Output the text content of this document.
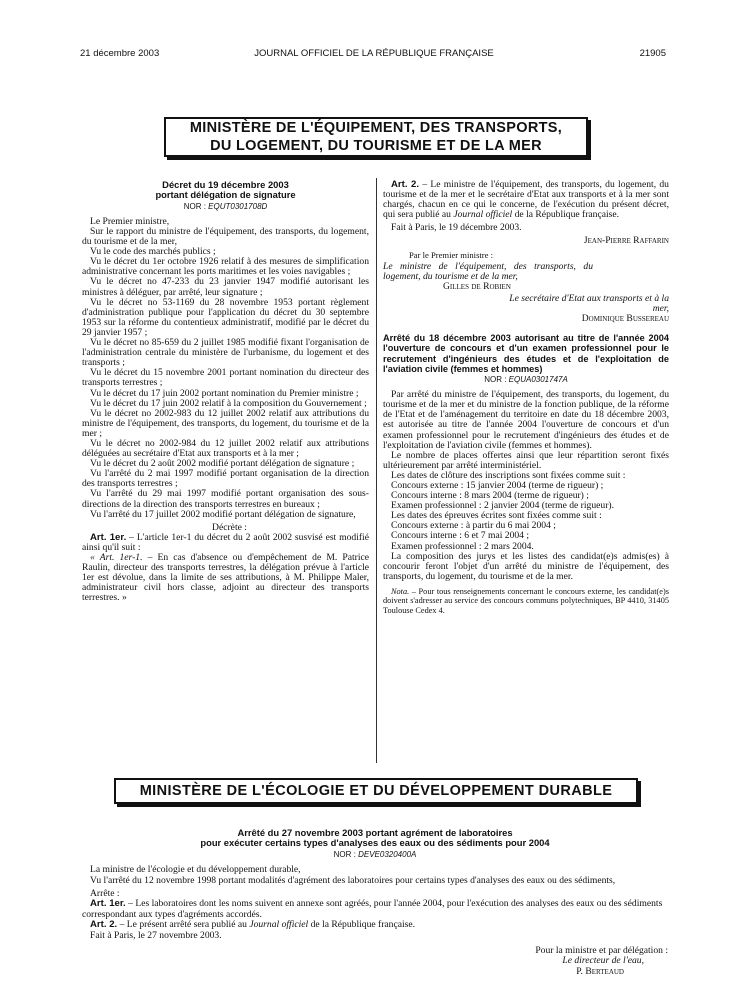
21 décembre 2003	JOURNAL OFFICIEL DE LA RÉPUBLIQUE FRANÇAISE	21905
MINISTÈRE DE L'ÉQUIPEMENT, DES TRANSPORTS,
DU LOGEMENT, DU TOURISME ET DE LA MER
Décret du 19 décembre 2003
portant délégation de signature
NOR : EQUT0301708D

Le Premier ministre,

Sur le rapport du ministre de l'équipement, des transports, du logement, du tourisme et de la mer,

Vu le code des marchés publics ;

Vu le décret du 1er octobre 1926 relatif à des mesures de simplification administrative concernant les ports maritimes et les voies navigables ;

Vu le décret no 47-233 du 23 janvier 1947 modifié autorisant les ministres à déléguer, par arrêté, leur signature ;

Vu le décret no 53-1169 du 28 novembre 1953 portant règlement d'administration publique pour l'application du décret du 30 septembre 1953 sur la réforme du contentieux administratif, modifié par le décret du 29 janvier 1957 ;

Vu le décret no 85-659 du 2 juillet 1985 modifié fixant l'organisation de l'administration centrale du ministère de l'urbanisme, du logement et des transports ;

Vu le décret du 15 novembre 2001 portant nomination du directeur des transports terrestres ;

Vu le décret du 17 juin 2002 portant nomination du Premier ministre ;

Vu le décret du 17 juin 2002 relatif à la composition du Gouvernement ;

Vu le décret no 2002-983 du 12 juillet 2002 relatif aux attributions du ministre de l'équipement, des transports, du logement, du tourisme et de la mer ;

Vu le décret no 2002-984 du 12 juillet 2002 relatif aux attributions déléguées au secrétaire d'Etat aux transports et à la mer ;

Vu le décret du 2 août 2002 modifié portant délégation de signature ;

Vu l'arrêté du 2 mai 1997 modifié portant organisation de la direction des transports terrestres ;

Vu l'arrêté du 29 mai 1997 modifié portant organisation des sous-directions de la direction des transports terrestres en bureaux ;

Vu l'arrêté du 17 juillet 2002 modifié portant délégation de signature,

Décrète :

Art. 1er. – L'article 1er-1 du décret du 2 août 2002 susvisé est modifié ainsi qu'il suit :

« Art. 1er-1. – En cas d'absence ou d'empêchement de M. Patrice Raulin, directeur des transports terrestres, la délégation prévue à l'article 1er est dévolue, dans la limite de ses attributions, à M. Philippe Maler, administrateur civil hors classe, adjoint au directeur des transports terrestres. »

Art. 2. – Le ministre de l'équipement, des transports, du logement, du tourisme et de la mer et le secrétaire d'Etat aux transports et à la mer sont chargés, chacun en ce qui le concerne, de l'exécution du présent décret, qui sera publié au Journal officiel de la République française.

Fait à Paris, le 19 décembre 2003.

Jean-Pierre Raffarin
Par le Premier ministre :
Le ministre de l'équipement, des transports, du logement, du tourisme et de la mer,
Gilles de Robien
Le secrétaire d'Etat aux transports et à la mer,
Dominique Bussereau
Arrêté du 18 décembre 2003 autorisant au titre de l'année 2004 l'ouverture de concours et d'un examen professionnel pour le recrutement d'ingénieurs des études et de l'exploitation de l'aviation civile (femmes et hommes)
NOR : EQUA0301747A

Par arrêté du ministre de l'équipement, des transports, du logement, du tourisme et de la mer et du ministre de la fonction publique, de la réforme de l'Etat et de l'aménagement du territoire en date du 18 décembre 2003, est autorisée au titre de l'année 2004 l'ouverture de concours et d'un examen professionnel pour le recrutement d'ingénieurs des études et de l'exploitation de l'aviation civile (femmes et hommes).

Le nombre de places offertes ainsi que leur répartition seront fixés ultérieurement par arrêté interministériel.

Les dates de clôture des inscriptions sont fixées comme suit :

Concours externe : 15 janvier 2004 (terme de rigueur) ;

Concours interne : 8 mars 2004 (terme de rigueur) ;

Examen professionnel : 2 janvier 2004 (terme de rigueur).

Les dates des épreuves écrites sont fixées comme suit :

Concours externe : à partir du 6 mai 2004 ;

Concours interne : 6 et 7 mai 2004 ;

Examen professionnel : 2 mars 2004.

La composition des jurys et les listes des candidat(e)s admis(es) à concourir feront l'objet d'un arrêté du ministre de l'équipement, des transports, du logement, du tourisme et de la mer.

Nota. – Pour tous renseignements concernant le concours externe, les candidat(e)s doivent s'adresser au service des concours communs polytechniques, BP 4410, 31405 Toulouse Cedex 4.

MINISTÈRE DE L'ÉCOLOGIE ET DU DÉVELOPPEMENT DURABLE
Arrêté du 27 novembre 2003 portant agrément de laboratoires
pour exécuter certains types d'analyses des eaux ou des sédiments pour 2004
NOR : DEVE0320400A

La ministre de l'écologie et du développement durable,

Vu l'arrêté du 12 novembre 1998 portant modalités d'agrément des laboratoires pour certains types d'analyses des eaux ou des sédiments,

Arrête :

Art. 1er. – Les laboratoires dont les noms suivent en annexe sont agréés, pour l'année 2004, pour l'exécution des analyses des eaux ou des sédiments correspondant aux types d'agréments accordés.

Art. 2. – Le présent arrêté sera publié au Journal officiel de la République française.

Fait à Paris, le 27 novembre 2003.

Pour la ministre et par délégation :
Le directeur de l'eau,
P. Berteaud
